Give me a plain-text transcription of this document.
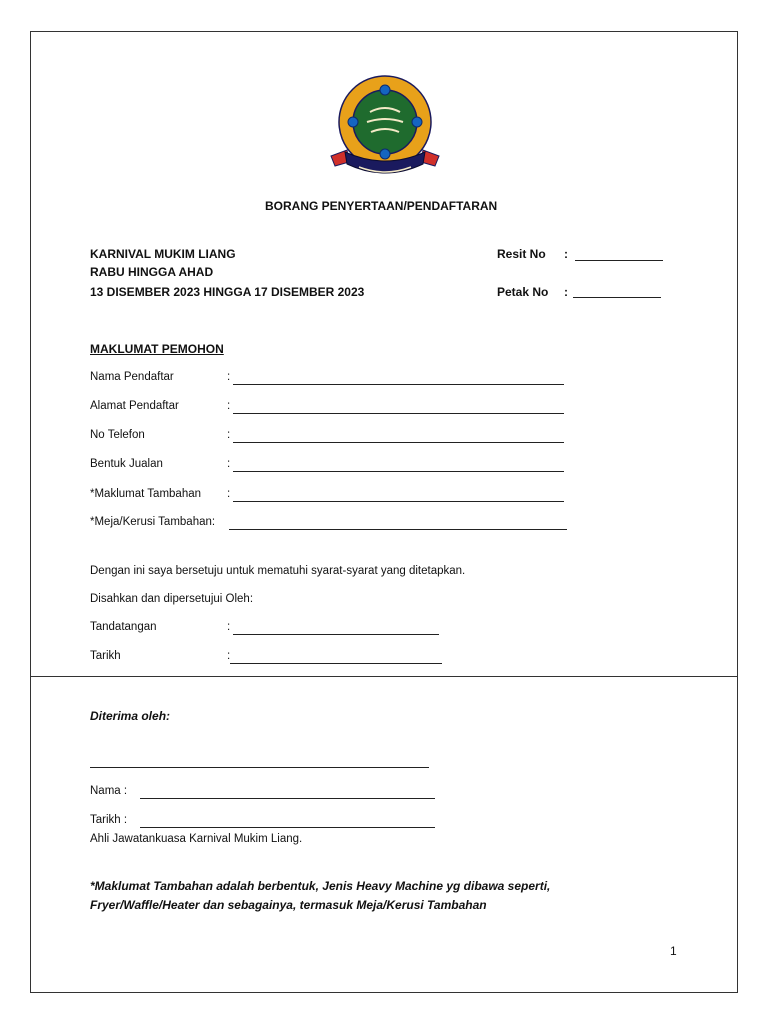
BORANG PENYERTAAN/PENDAFTARAN
KARNIVAL MUKIM LIANG
RABU HINGGA AHAD
13 DISEMBER 2023 HINGGA 17 DISEMBER 2023
Resit No :
Petak No :
MAKLUMAT PEMOHON
Nama Pendaftar	:
Alamat Pendaftar	:
No Telefon	:
Bentuk Jualan	:
*Maklumat Tambahan :
*Meja/Kerusi Tambahan:
Dengan ini saya bersetuju untuk mematuhi syarat-syarat yang ditetapkan.
Disahkan dan dipersetujui Oleh:
Tandatangan	:
Tarikh	:
Diterima oleh:
Nama :
Tarikh :
Ahli Jawatankuasa Karnival Mukim Liang.
*Maklumat Tambahan adalah berbentuk, Jenis Heavy Machine yg dibawa seperti,
Fryer/Waffle/Heater dan sebagainya, termasuk Meja/Kerusi Tambahan
1
